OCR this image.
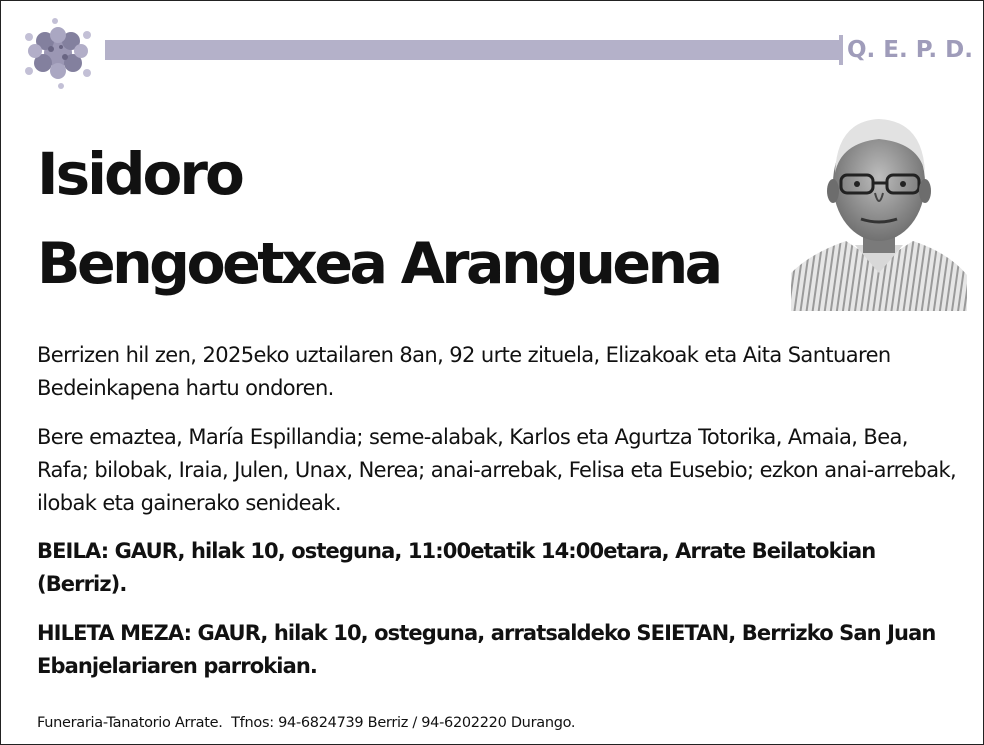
Q. E. P. D.
Isidoro
Bengoetxea Aranguena
Berrizen hil zen, 2025eko uztailaren 8an, 92 urte zituela, Elizakoak eta Aita Santuaren Bedeinkapena hartu ondoren.
Bere emaztea, María Espillandia; seme-alabak, Karlos eta Agurtza Totorika, Amaia, Bea, Rafa; bilobak, Iraia, Julen, Unax, Nerea; anai-arrebak, Felisa eta Eusebio; ezkon anai-arrebak, ilobak eta gainerako senideak.
BEILA: GAUR, hilak 10, osteguna, 11:00etatik 14:00etara, Arrate Beilatokian (Berriz).
HILETA MEZA: GAUR, hilak 10, osteguna, arratsaldeko SEIETAN, Berrizko San Juan Ebanjelariaren parrokian.
Funeraria-Tanatorio Arrate.  Tfnos: 94-6824739 Berriz / 94-6202220 Durango.
